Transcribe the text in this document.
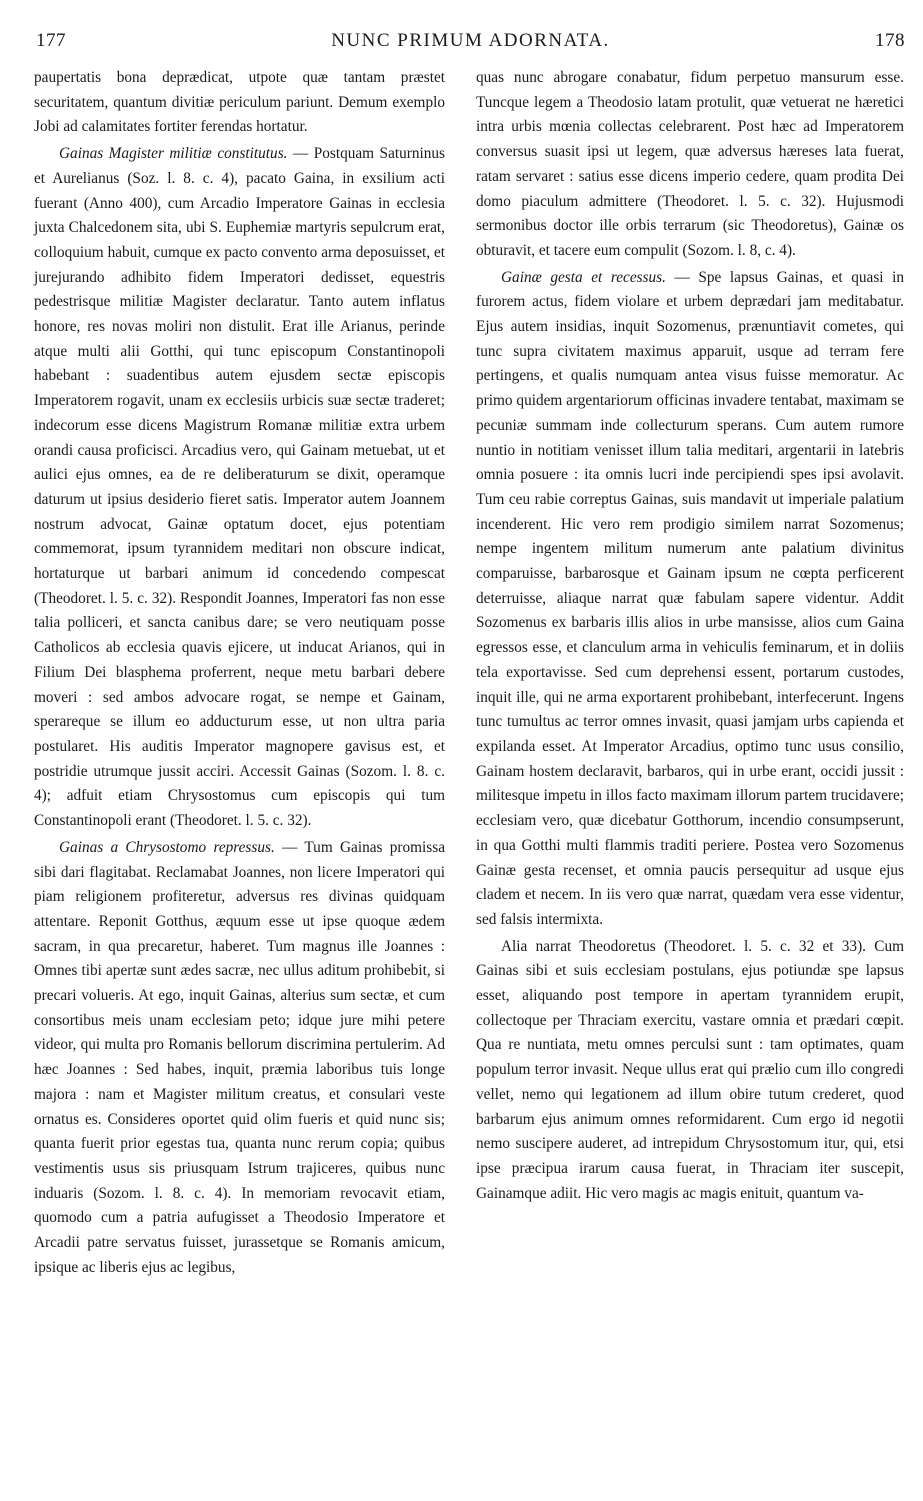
177	NUNC PRIMUM ADORNATA.	178

paupertatis bona deprædicat, utpote quæ tantam præstet securitatem, quantum divitiæ periculum pariunt. Demum exemplo Jobi ad calamitates fortiter ferendas hortatur.

Gainas Magister militiæ constitutus. — Postquam Saturninus et Aurelianus (Soz. l. 8. c. 4), pacato Gaina, in exsilium acti fuerant (Anno 400), cum Arcadio Imperatore Gainas in ecclesia juxta Chalcedonem sita, ubi S. Euphemiæ martyris sepulcrum erat, colloquium habuit, cumque ex pacto convento arma deposuisset, et jurejurando adhibito fidem Imperatori dedisset, equestris pedestrisque militiæ Magister declaratur. Tanto autem inflatus honore, res novas moliri non distulit. Erat ille Arianus, perinde atque multi alii Gotthi, qui tunc episcopum Constantinopoli habebant : suadentibus autem ejusdem sectæ episcopis Imperatorem rogavit, unam ex ecclesiis urbicis suæ sectæ traderet; indecorum esse dicens Magistrum Romanæ militiæ extra urbem orandi causa proficisci. Arcadius vero, qui Gainam metuebat, ut et aulici ejus omnes, ea de re deliberaturum se dixit, operamque daturum ut ipsius desiderio fieret satis. Imperator autem Joannem nostrum advocat, Gainæ optatum docet, ejus potentiam commemorat, ipsum tyrannidem meditari non obscure indicat, hortaturque ut barbari animum id concedendo compescat (Theodoret. l. 5. c. 32). Respondit Joannes, Imperatori fas non esse talia polliceri, et sancta canibus dare; se vero neutiquam posse Catholicos ab ecclesia quavis ejicere, ut inducat Arianos, qui in Filium Dei blasphema proferrent, neque metu barbari debere moveri : sed ambos advocare rogat, se nempe et Gainam, sperareque se illum eo adducturum esse, ut non ultra paria postularet. His auditis Imperator magnopere gavisus est, et postridie utrumque jussit acciri. Accessit Gainas (Sozom. l. 8. c. 4); adfuit etiam Chrysostomus cum episcopis qui tum Constantinopoli erant (Theodoret. l. 5. c. 32).

Gainas a Chrysostomo repressus. — Tum Gainas promissa sibi dari flagitabat. Reclamabat Joannes, non licere Imperatori qui piam religionem profiteretur, adversus res divinas quidquam attentare. Reponit Gotthus, æquum esse ut ipse quoque ædem sacram, in qua precaretur, haberet. Tum magnus ille Joannes : Omnes tibi apertæ sunt ædes sacræ, nec ullus aditum prohibebit, si precari volueris. At ego, inquit Gainas, alterius sum sectæ, et cum consortibus meis unam ecclesiam peto; idque jure mihi petere videor, qui multa pro Romanis bellorum discrimina pertulerim. Ad hæc Joannes : Sed habes, inquit, præmia laboribus tuis longe majora : nam et Magister militum creatus, et consulari veste ornatus es. Consideres oportet quid olim fueris et quid nunc sis; quanta fuerit prior egestas tua, quanta nunc rerum copia; quibus vestimentis usus sis priusquam Istrum trajiceres, quibus nunc induaris (Sozom. l. 8. c. 4). In memoriam revocavit etiam, quomodo cum a patria aufugisset a Theodosio Imperatore et Arcadii patre servatus fuisset, jurassetque se Romanis amicum, ipsique ac liberis ejus ac legibus,

quas nunc abrogare conabatur, fidum perpetuo mansurum esse. Tuncque legem a Theodosio latam protulit, quæ vetuerat ne hæretici intra urbis mœnia collectas celebrarent. Post hæc ad Imperatorem conversus suasit ipsi ut legem, quæ adversus hæreses lata fuerat, ratam servaret : satius esse dicens imperio cedere, quam prodita Dei domo piaculum admittere (Theodoret. l. 5. c. 32). Hujusmodi sermonibus doctor ille orbis terrarum (sic Theodoretus), Gainæ os obturavit, et tacere eum compulit (Sozom. l. 8, c. 4).

Gainæ gesta et recessus. — Spe lapsus Gainas, et quasi in furorem actus, fidem violare et urbem deprædari jam meditabatur. Ejus autem insidias, inquit Sozomenus, prænuntiavit cometes, qui tunc supra civitatem maximus apparuit, usque ad terram fere pertingens, et qualis numquam antea visus fuisse memoratur. Ac primo quidem argentariorum officinas invadere tentabat, maximam se pecuniæ summam inde collecturum sperans. Cum autem rumore nuntio in notitiam venisset illum talia meditari, argentarii in latebris omnia posuere : ita omnis lucri inde percipiendi spes ipsi avolavit. Tum ceu rabie correptus Gainas, suis mandavit ut imperiale palatium incenderent. Hic vero rem prodigio similem narrat Sozomenus; nempe ingentem militum numerum ante palatium divinitus comparuisse, barbarosque et Gainam ipsum ne cœpta perficerent deterruisse, aliaque narrat quæ fabulam sapere videntur. Addit Sozomenus ex barbaris illis alios in urbe mansisse, alios cum Gaina egressos esse, et clanculum arma in vehiculis feminarum, et in doliis tela exportavisse. Sed cum deprehensi essent, portarum custodes, inquit ille, qui ne arma exportarent prohibebant, interfecerunt. Ingens tunc tumultus ac terror omnes invasit, quasi jamjam urbs capienda et expilanda esset. At Imperator Arcadius, optimo tunc usus consilio, Gainam hostem declaravit, barbaros, qui in urbe erant, occidi jussit : militesque impetu in illos facto maximam illorum partem trucidavere; ecclesiam vero, quæ dicebatur Gotthorum, incendio consumpserunt, in qua Gotthi multi flammis traditi periere. Postea vero Sozomenus Gainæ gesta recenset, et omnia paucis persequitur ad usque ejus cladem et necem. In iis vero quæ narrat, quædam vera esse videntur, sed falsis intermixta.

Alia narrat Theodoretus (Theodoret. l. 5. c. 32 et 33). Cum Gainas sibi et suis ecclesiam postulans, ejus potiundæ spe lapsus esset, aliquando post tempore in apertam tyrannidem erupit, collectoque per Thraciam exercitu, vastare omnia et prædari cœpit. Qua re nuntiata, metu omnes perculsi sunt : tam optimates, quam populum terror invasit. Neque ullus erat qui prælio cum illo congredi vellet, nemo qui legationem ad illum obire tutum crederet, quod barbarum ejus animum omnes reformidarent. Cum ergo id negotii nemo suscipere auderet, ad intrepidum Chrysostomum itur, qui, etsi ipse præcipua irarum causa fuerat, in Thraciam iter suscepit, Gainamque adiit. Hic vero magis ac magis enituit, quantum va-
